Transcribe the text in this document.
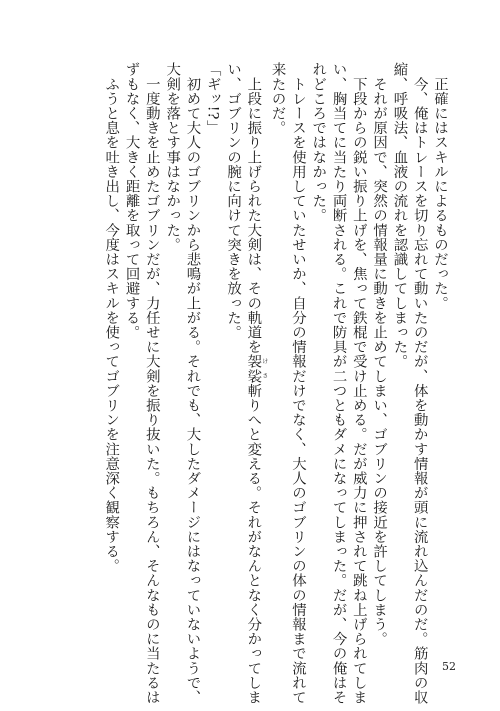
正確にはスキルによるものだった。
今、俺はトレースを切り忘れて動いたのだが、体を動かす情報が頭に流れ込んだのだ。筋肉の収
縮、呼吸法、血液の流れを認識してしまった。
それが原因で、突然の情報量に動きを止めてしまい、ゴブリンの接近を許してしまう。
下段からの鋭い振り上げを、焦って鉄棍で受け止める。だが威力に押されて跳ね上げられてしま
い、胸当てに当たり両断される。これで防具が二つともダメになってしまった。だが、今の俺はそ
れどころではなかった。
トレースを使用していたせいか、自分の情報だけでなく、大人のゴブリンの体の情報まで流れて
来たのだ。
上段に振り上げられた大剣は、その軌道を袈裟 けさ斬りへと変える。それがなんとなく分かってしま
い、ゴブリンの腕に向けて突きを放った。
「ギッ!?」
初めて大人のゴブリンから悲鳴が上がる。それでも、大したダメージにはなっていないようで、
大剣を落とす事はなかった。
一度動きを止めたゴブリンだが、力任せに大剣を振り抜いた。もちろん、そんなものに当たるは
ずもなく、大きく距離を取って回避する。
ふうと息を吐き出し、今度はスキルを使ってゴブリンを注意深く観察する。
52
